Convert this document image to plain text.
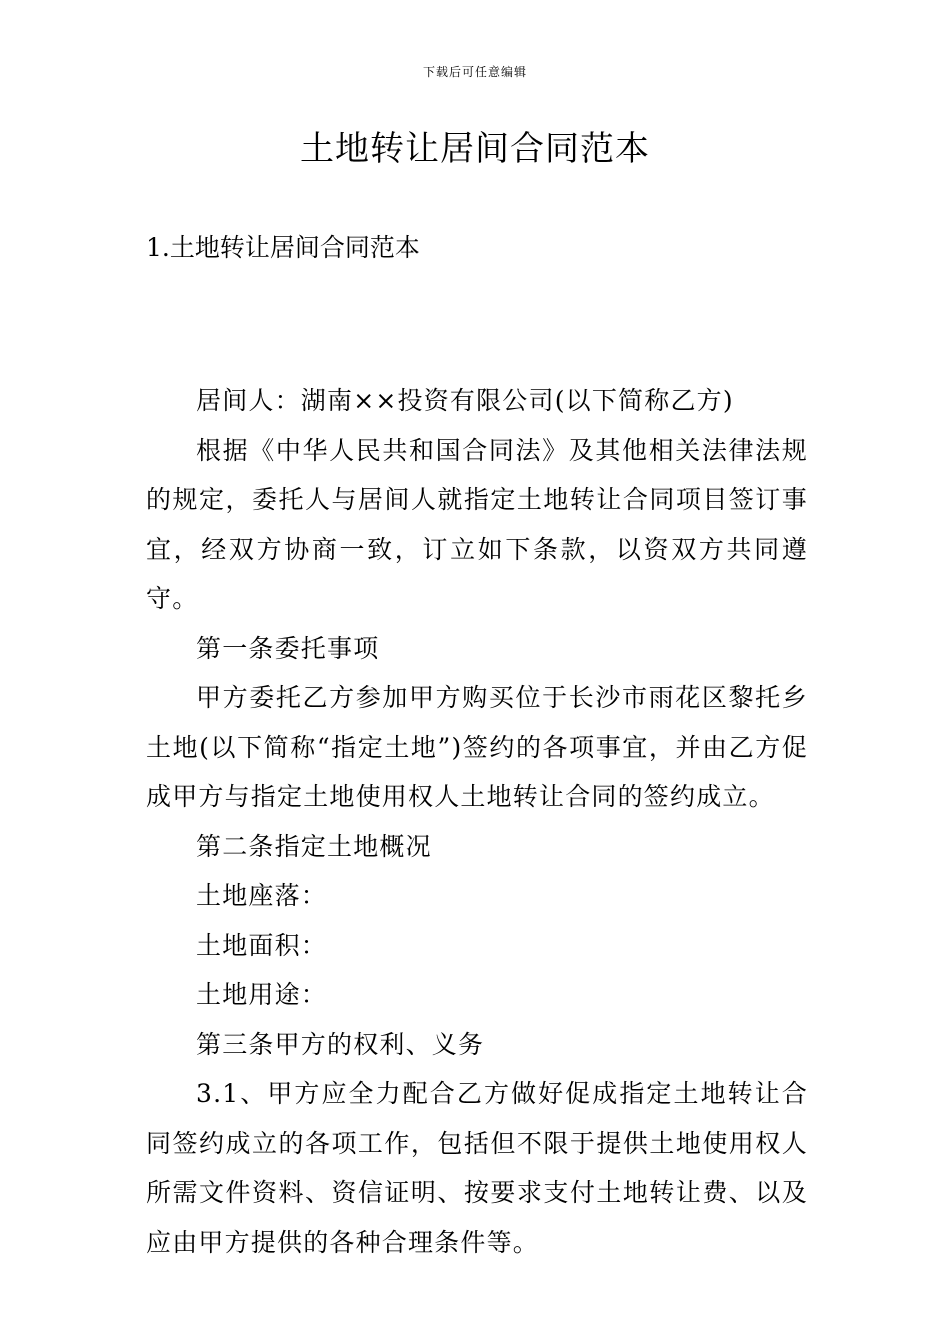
下载后可任意编辑
土地转让居间合同范本
1.土地转让居间合同范本

居间人：湖南××投资有限公司(以下简称乙方)

根据《中华人民共和国合同法》及其他相关法律法规的规定，委托人与居间人就指定土地转让合同项目签订事宜，经双方协商一致，订立如下条款，以资双方共同遵守。

第一条委托事项

甲方委托乙方参加甲方购买位于长沙市雨花区黎托乡土地(以下简称“指定土地”)签约的各项事宜，并由乙方促成甲方与指定土地使用权人土地转让合同的签约成立。

第二条指定土地概况

土地座落：

土地面积：

土地用途：

第三条甲方的权利、义务

3.1、甲方应全力配合乙方做好促成指定土地转让合同签约成立的各项工作，包括但不限于提供土地使用权人所需文件资料、资信证明、按要求支付土地转让费、以及应由甲方提供的各种合理条件等。
